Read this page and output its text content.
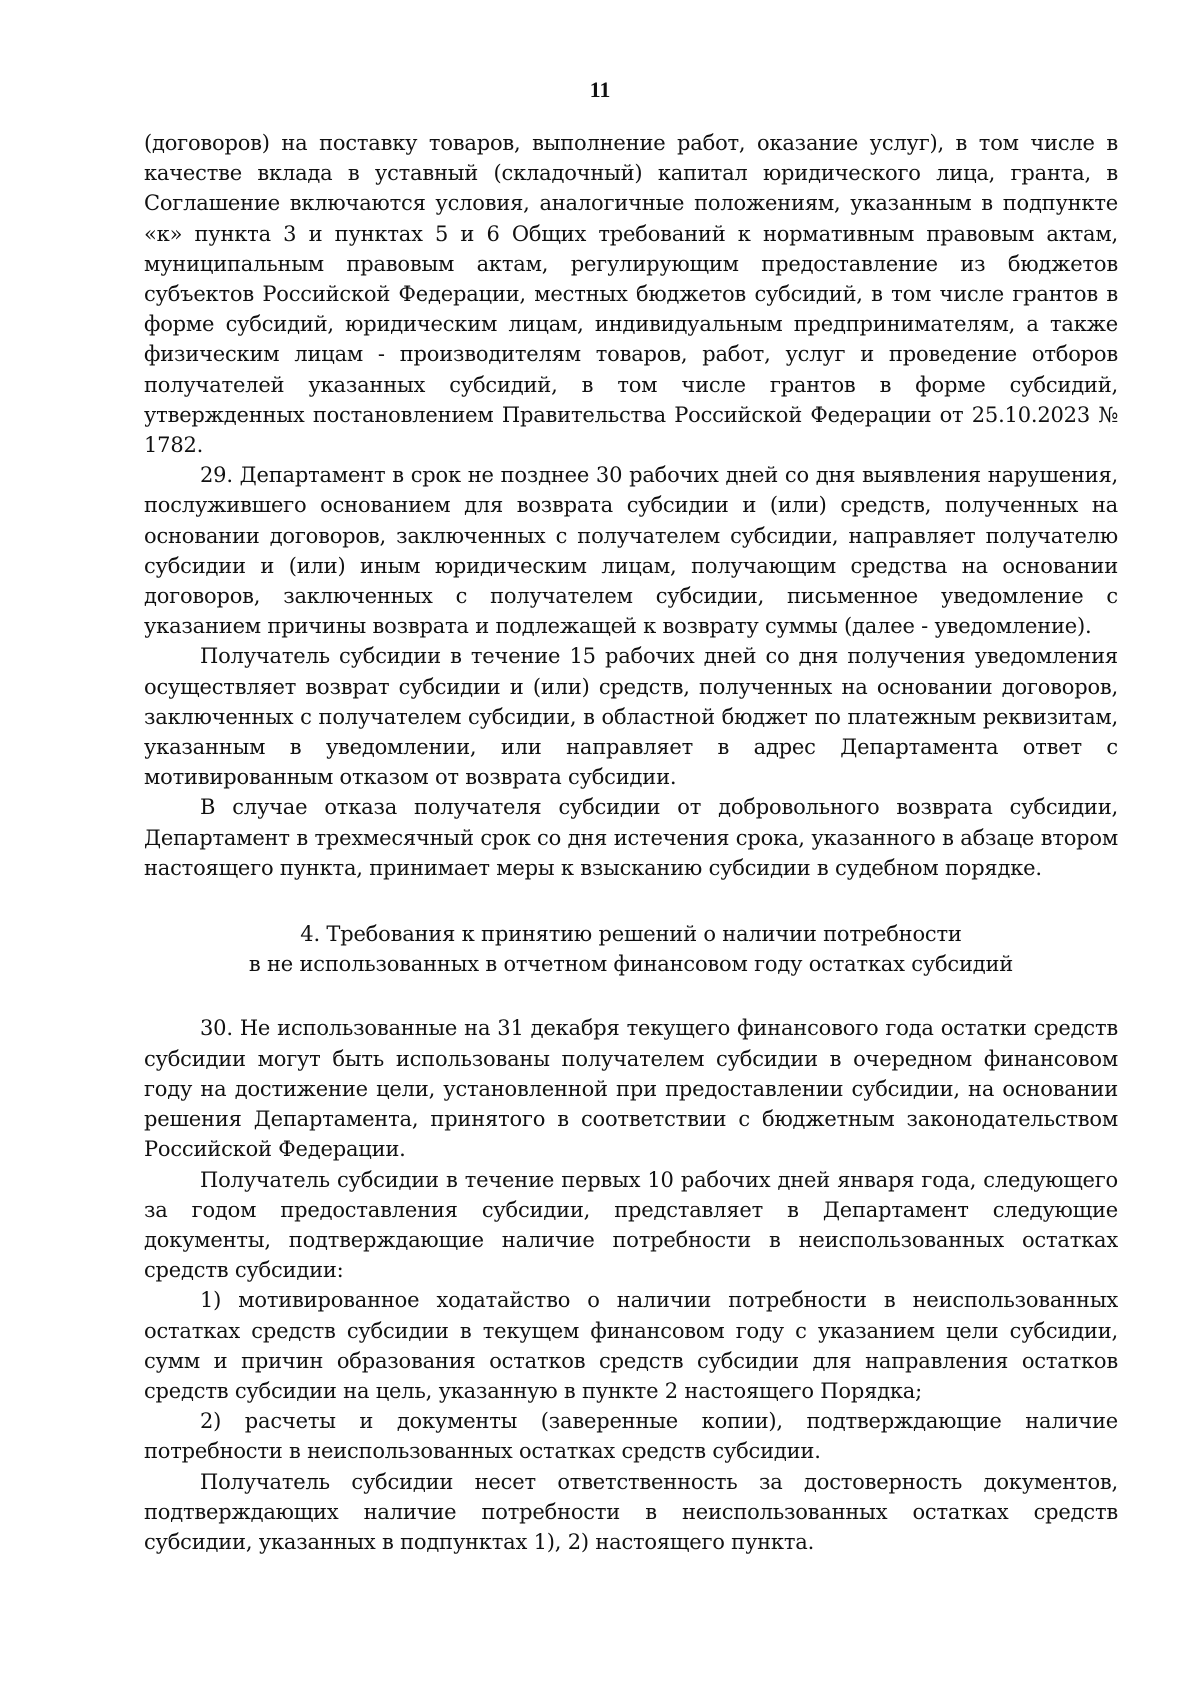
11

(договоров) на поставку товаров, выполнение работ, оказание услуг), в том числе в качестве вклада в уставный (складочный) капитал юридического лица, гранта, в Соглашение включаются условия, аналогичные положениям, указанным в подпункте «к» пункта 3 и пунктах 5 и 6 Общих требований к нормативным правовым актам, муниципальным правовым актам, регулирующим предоставление из бюджетов субъектов Российской Федерации, местных бюджетов субсидий, в том числе грантов в форме субсидий, юридическим лицам, индивидуальным предпринимателям, а также физическим лицам - производителям товаров, работ, услуг и проведение отборов получателей указанных субсидий, в том числе грантов в форме субсидий, утвержденных постановлением Правительства Российской Федерации от 25.10.2023 № 1782.

29. Департамент в срок не позднее 30 рабочих дней со дня выявления нарушения, послужившего основанием для возврата субсидии и (или) средств, полученных на основании договоров, заключенных с получателем субсидии, направляет получателю субсидии и (или) иным юридическим лицам, получающим средства на основании договоров, заключенных с получателем субсидии, письменное уведомление с указанием причины возврата и подлежащей к возврату суммы (далее - уведомление).

Получатель субсидии в течение 15 рабочих дней со дня получения уведомления осуществляет возврат субсидии и (или) средств, полученных на основании договоров, заключенных с получателем субсидии, в областной бюджет по платежным реквизитам, указанным в уведомлении, или направляет в адрес Департамента ответ с мотивированным отказом от возврата субсидии.

В случае отказа получателя субсидии от добровольного возврата субсидии, Департамент в трехмесячный срок со дня истечения срока, указанного в абзаце втором настоящего пункта, принимает меры к взысканию субсидии в судебном порядке.

4. Требования к принятию решений о наличии потребности
в не использованных в отчетном финансовом году остатках субсидий

30. Не использованные на 31 декабря текущего финансового года остатки средств субсидии могут быть использованы получателем субсидии в очередном финансовом году на достижение цели, установленной при предоставлении субсидии, на основании решения Департамента, принятого в соответствии с бюджетным законодательством Российской Федерации.

Получатель субсидии в течение первых 10 рабочих дней января года, следующего за годом предоставления субсидии, представляет в Департамент следующие документы, подтверждающие наличие потребности в неиспользованных остатках средств субсидии:

1) мотивированное ходатайство о наличии потребности в неиспользованных остатках средств субсидии в текущем финансовом году с указанием цели субсидии, сумм и причин образования остатков средств субсидии для направления остатков средств субсидии на цель, указанную в пункте 2 настоящего Порядка;

2) расчеты и документы (заверенные копии), подтверждающие наличие потребности в неиспользованных остатках средств субсидии.

Получатель субсидии несет ответственность за достоверность документов, подтверждающих наличие потребности в неиспользованных остатках средств субсидии, указанных в подпунктах 1), 2) настоящего пункта.
